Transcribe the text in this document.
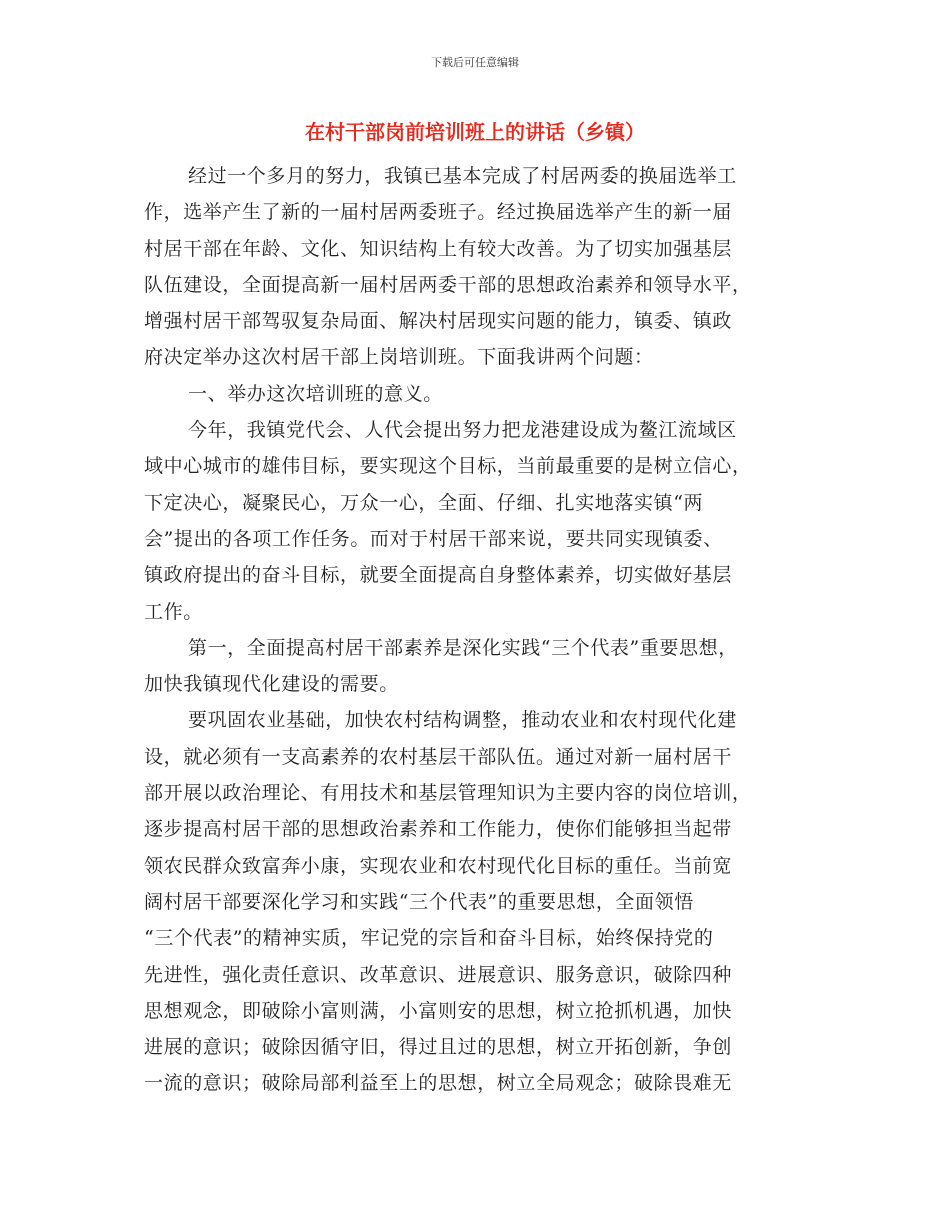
下载后可任意编辑
在村干部岗前培训班上的讲话（乡镇）
经过一个多月的努力，我镇已基本完成了村居两委的换届选举工
作，选举产生了新的一届村居两委班子。经过换届选举产生的新一届
村居干部在年龄、文化、知识结构上有较大改善。为了切实加强基层
队伍建设，全面提高新一届村居两委干部的思想政治素养和领导水平，
增强村居干部驾驭复杂局面、解决村居现实问题的能力，镇委、镇政
府决定举办这次村居干部上岗培训班。下面我讲两个问题：
一、举办这次培训班的意义。
今年，我镇党代会、人代会提出努力把龙港建设成为鳌江流域区
域中心城市的雄伟目标，要实现这个目标，当前最重要的是树立信心，
下定决心，凝聚民心，万众一心，全面、仔细、扎实地落实镇“两
会”提出的各项工作任务。而对于村居干部来说，要共同实现镇委、
镇政府提出的奋斗目标，就要全面提高自身整体素养，切实做好基层
工作。
第一，全面提高村居干部素养是深化实践“三个代表”重要思想，
加快我镇现代化建设的需要。
要巩固农业基础，加快农村结构调整，推动农业和农村现代化建
设，就必须有一支高素养的农村基层干部队伍。通过对新一届村居干
部开展以政治理论、有用技术和基层管理知识为主要内容的岗位培训，
逐步提高村居干部的思想政治素养和工作能力，使你们能够担当起带
领农民群众致富奔小康，实现农业和农村现代化目标的重任。当前宽
阔村居干部要深化学习和实践“三个代表”的重要思想，全面领悟
“三个代表”的精神实质，牢记党的宗旨和奋斗目标，始终保持党的
先进性，强化责任意识、改革意识、进展意识、服务意识，破除四种
思想观念，即破除小富则满，小富则安的思想，树立抢抓机遇，加快
进展的意识；破除因循守旧，得过且过的思想，树立开拓创新，争创
一流的意识；破除局部利益至上的思想，树立全局观念；破除畏难无
